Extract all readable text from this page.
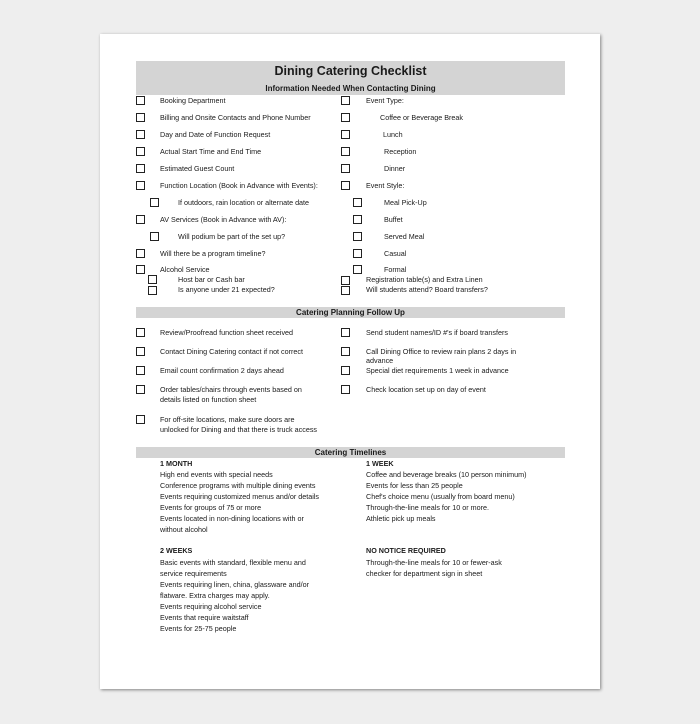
Dining Catering Checklist
Information Needed When Contacting Dining
Booking Department
Billing and Onsite Contacts and Phone Number
Day and Date of Function Request
Actual Start Time and End Time
Estimated Guest Count
Function Location (Book in Advance with Events):
If outdoors, rain location or alternate date
AV Services (Book in Advance with AV):
Will podium be part of the set up?
Will there be a program timeline?
Alcohol Service
Host bar or Cash bar
Is anyone under 21 expected?
Event Type:
Coffee or Beverage Break
Lunch
Reception
Dinner
Event Style:
Meal Pick-Up
Buffet
Served Meal
Casual
Formal
Registration table(s) and Extra Linen
Will students attend? Board transfers?
Catering Planning Follow Up
Review/Proofread function sheet received
Contact Dining Catering contact if not correct
Email count confirmation 2 days ahead
Order tables/chairs through events based on
details listed on function sheet
For off-site locations, make sure doors are
unlocked for Dining and that there is truck access
Send student names/ID #'s if board transfers
Call Dining Office to review rain plans 2 days in
advance
Special diet requirements 1 week in advance
Check location set up on day of event
Catering Timelines
1 MONTH
High end events with special needs
Conference programs with multiple dining events
Events requiring customized menus and/or details
Events for groups of 75 or more
Events located in non-dining locations with or
without alcohol
1 WEEK
Coffee and beverage breaks (10 person minimum)
Events for less than 25 people
Chef's choice menu (usually from board menu)
Through-the-line meals for 10 or more.
Athletic pick up meals
2 WEEKS
Basic events with standard, flexible menu and
service requirements
Events requiring linen, china, glassware and/or
flatware. Extra charges may apply.
Events requiring alcohol service
Events that require waitstaff
Events for 25-75 people
NO NOTICE REQUIRED
Through-the-line meals for 10 or fewer-ask
checker for department sign in sheet
